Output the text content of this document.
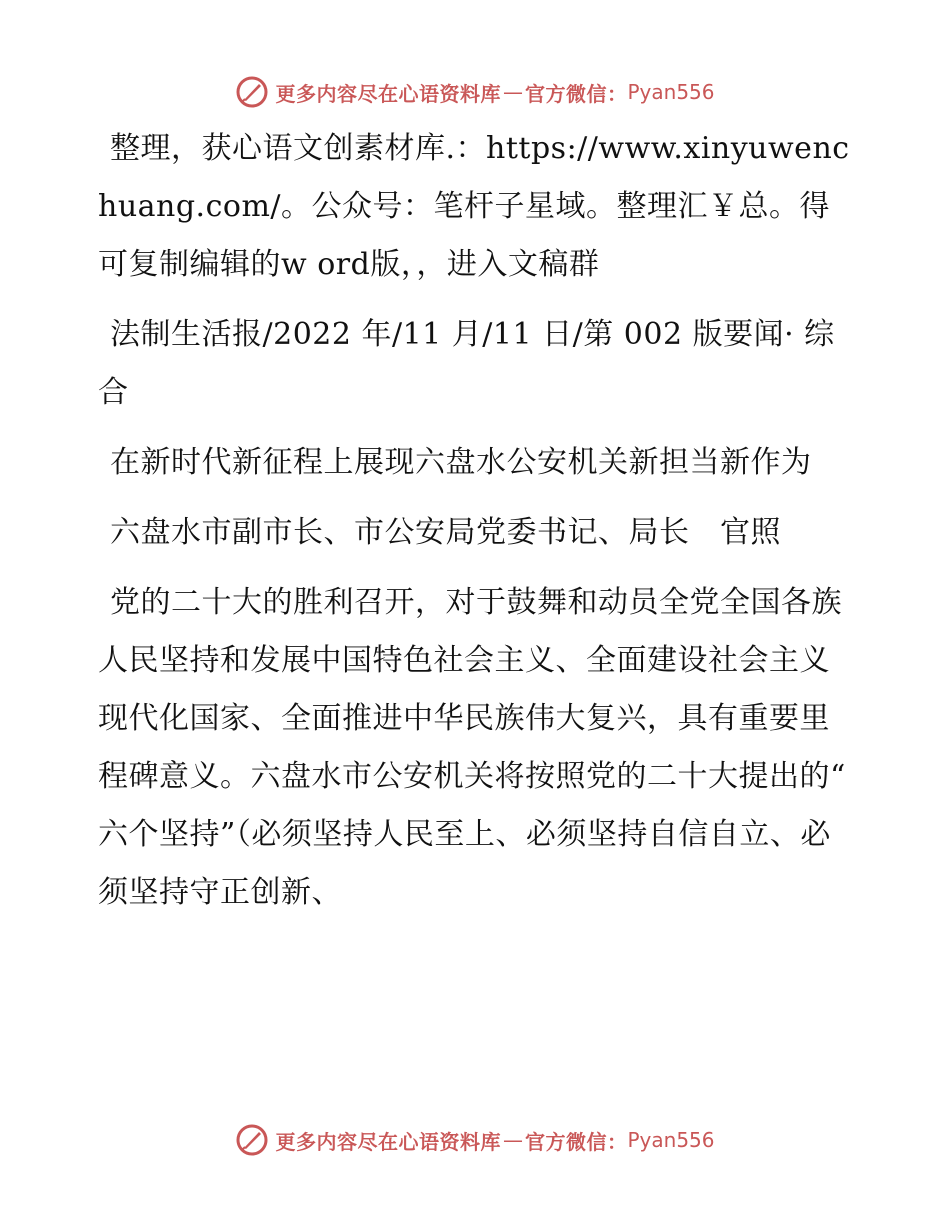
更多内容尽在心语资料库 — 官方微信： Pyan556

整理，获心语文创素材库.：https://www.xinyuwenchuang.com/。公众号：笔杆子星域。整理汇￥总。得可复制编辑的w ord版，，进入文稿群

法制生活报/2022 年/11 月/11 日/第 002 版要闻· 综合

在新时代新征程上展现六盘水公安机关新担当新作为

六盘水市副市长、市公安局党委书记、局长　官照

党的二十大的胜利召开，对于鼓舞和动员全党全国各族人民坚持和发展中国特色社会主义、全面建设社会主义现代化国家、全面推进中华民族伟大复兴，具有重要里程碑意义。六盘水市公安机关将按照党的二十大提出的“ 六个坚持”（必须坚持人民至上、必须坚持自信自立、必须坚持守正创新、

更多内容尽在心语资料库 — 官方微信： Pyan556
